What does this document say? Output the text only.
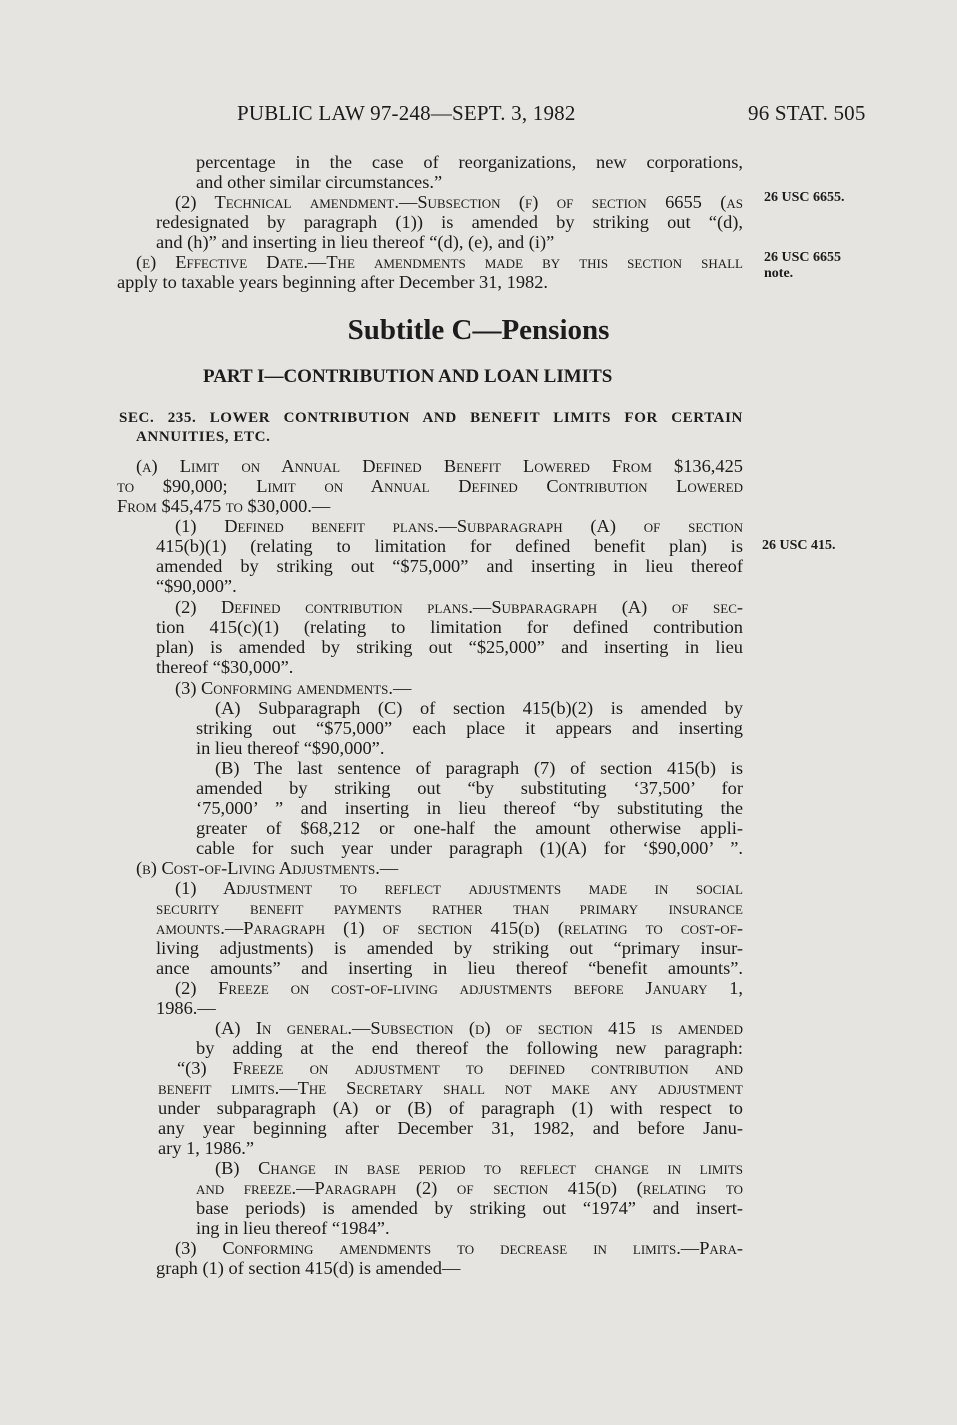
PUBLIC LAW 97-248—SEPT. 3, 1982	96 STAT. 505
26 USC 6655.
26 USC 6655
note.
26 USC 415.
percentage in the case of reorganizations, new corporations,
and other similar circumstances.”
(2) Technical amendment.—Subsection (f) of section 6655 (as
redesignated by paragraph (1)) is amended by striking out “(d),
and (h)” and inserting in lieu thereof “(d), (e), and (i)”
(e) Effective Date.—The amendments made by this section shall
apply to taxable years beginning after December 31, 1982.
Subtitle C—Pensions
PART I—CONTRIBUTION AND LOAN LIMITS
SEC. 235. LOWER CONTRIBUTION AND BENEFIT LIMITS FOR CERTAIN
ANNUITIES, ETC.
(a) Limit on Annual Defined Benefit Lowered From $136,425
to $90,000; Limit on Annual Defined Contribution Lowered
From $45,475 to $30,000.—
(1) Defined benefit plans.—Subparagraph (A) of section
415(b)(1) (relating to limitation for defined benefit plan) is
amended by striking out “$75,000” and inserting in lieu thereof
“$90,000”.
(2) Defined contribution plans.—Subparagraph (A) of sec-
tion 415(c)(1) (relating to limitation for defined contribution
plan) is amended by striking out “$25,000” and inserting in lieu
thereof “$30,000”.
(3) Conforming amendments.—
(A) Subparagraph (C) of section 415(b)(2) is amended by
striking out “$75,000” each place it appears and inserting
in lieu thereof “$90,000”.
(B) The last sentence of paragraph (7) of section 415(b) is
amended by striking out “by substituting ‘37,500’ for
‘75,000’ ” and inserting in lieu thereof “by substituting the
greater of $68,212 or one-half the amount otherwise appli-
cable for such year under paragraph (1)(A) for ‘$90,000’ ”.
(b) Cost-of-Living Adjustments.—
(1) Adjustment to reflect adjustments made in social
security benefit payments rather than primary insurance
amounts.—Paragraph (1) of section 415(d) (relating to cost-of-
living adjustments) is amended by striking out “primary insur-
ance amounts” and inserting in lieu thereof “benefit amounts”.
(2) Freeze on cost-of-living adjustments before January 1,
1986.—
(A) In general.—Subsection (d) of section 415 is amended
by adding at the end thereof the following new paragraph:
“(3) Freeze on adjustment to defined contribution and
benefit limits.—The Secretary shall not make any adjustment
under subparagraph (A) or (B) of paragraph (1) with respect to
any year beginning after December 31, 1982, and before Janu-
ary 1, 1986.”
(B) Change in base period to reflect change in limits
and freeze.—Paragraph (2) of section 415(d) (relating to
base periods) is amended by striking out “1974” and insert-
ing in lieu thereof “1984”.
(3) Conforming amendments to decrease in limits.—Para-
graph (1) of section 415(d) is amended—
